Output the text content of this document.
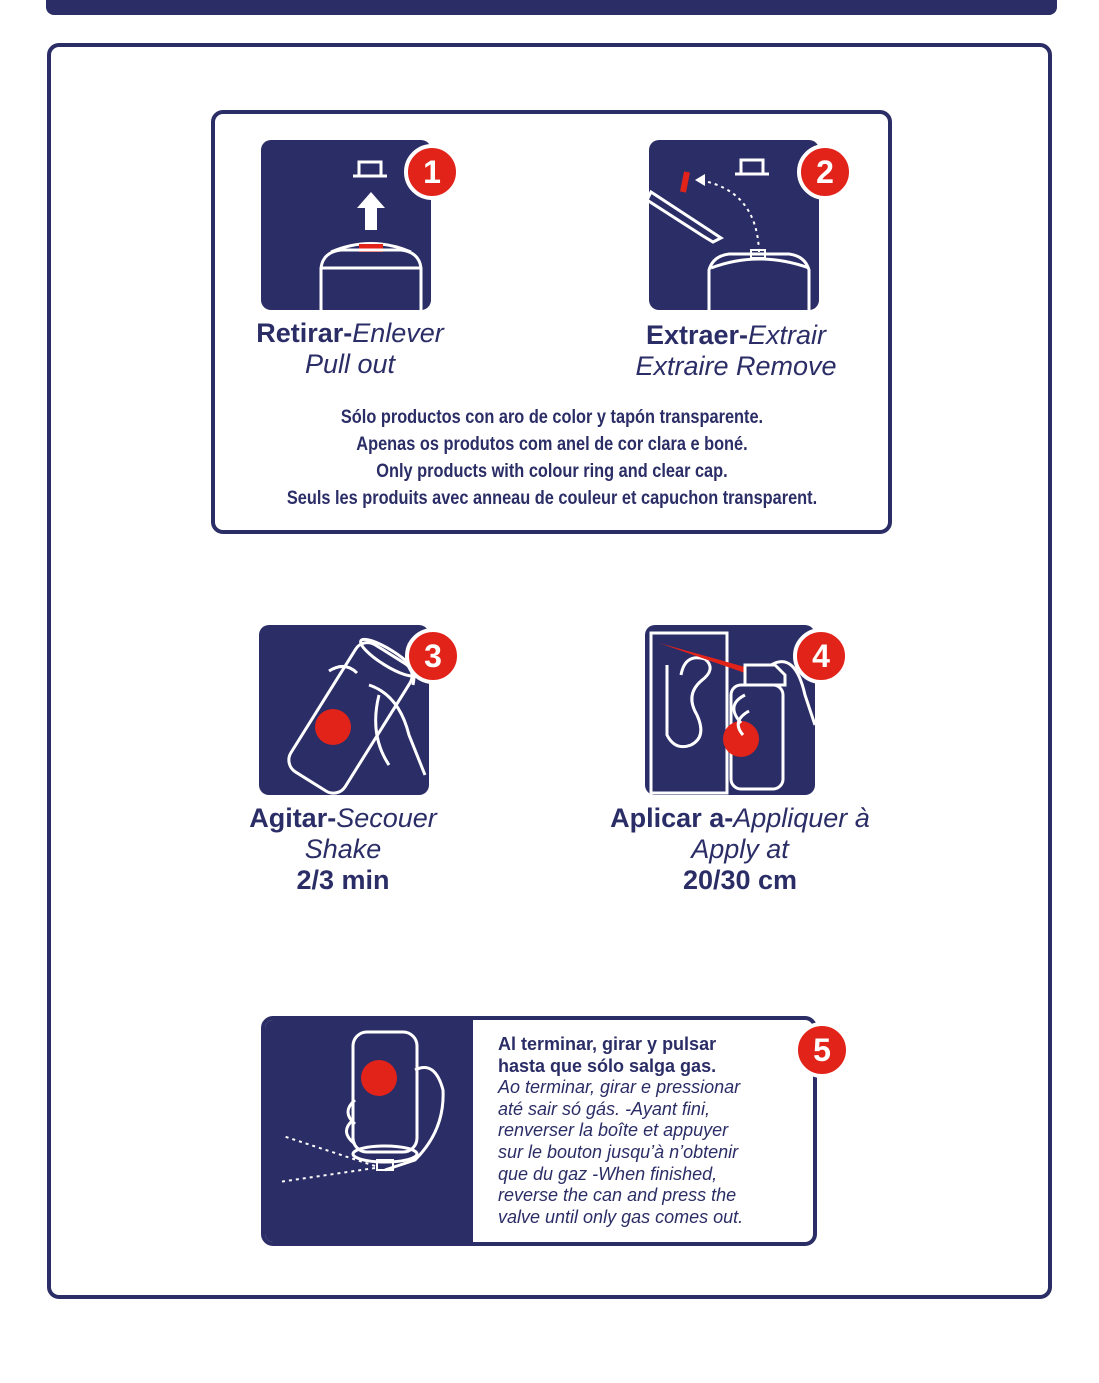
1
Retirar-Enlever
Pull out
2
Extraer-Extrair
Extraire Remove
Sólo productos con aro de color y tapón transparente.
Apenas os produtos com anel de cor clara e boné.
Only products with colour ring and clear cap.
Seuls les produits avec anneau de couleur et capuchon transparent.
3
Agitar-Secouer
Shake
2/3 min
4
Aplicar a-Appliquer à
Apply at
20/30 cm
Al terminar, girar y pulsar
hasta que sólo salga gas.
Ao terminar, girar e pressionar
até sair só gás. -Ayant fini,
renverser la boîte et appuyer
sur le bouton jusqu’à n’obtenir
que du gaz -When finished,
reverse the can and press the
valve until only gas comes out.
5
